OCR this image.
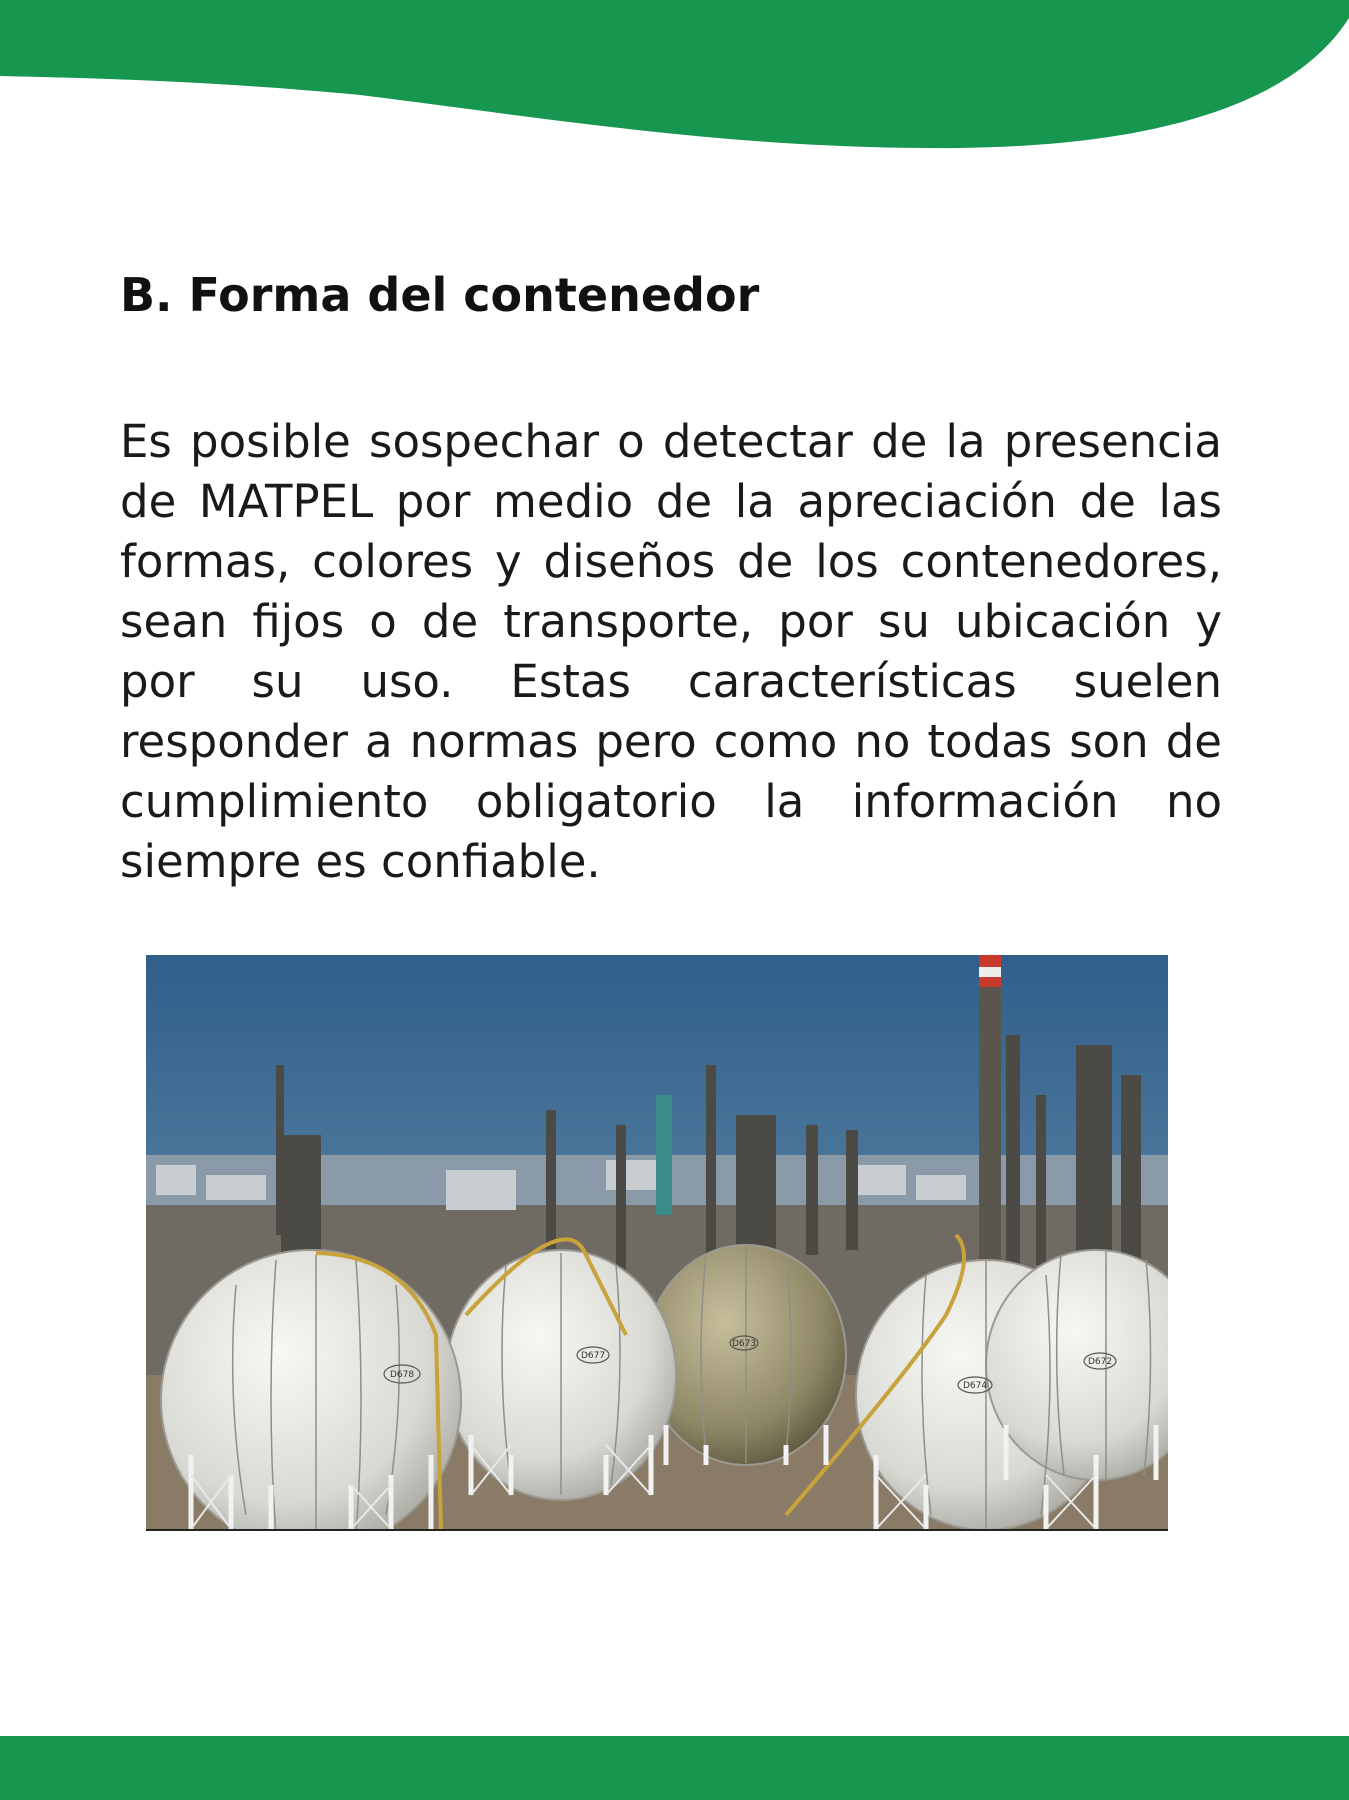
B. Forma del contenedor

Es posible sospechar o detectar de la presencia de MATPEL por medio de la apreciación de las formas, colores y diseños de los contenedores, sean fijos o de transporte, por su ubicación y por su uso. Estas características suelen responder a normas pero como no todas son de cumplimiento obligatorio la información no siempre es confiable.

D678
D677
D673
D674
D672
